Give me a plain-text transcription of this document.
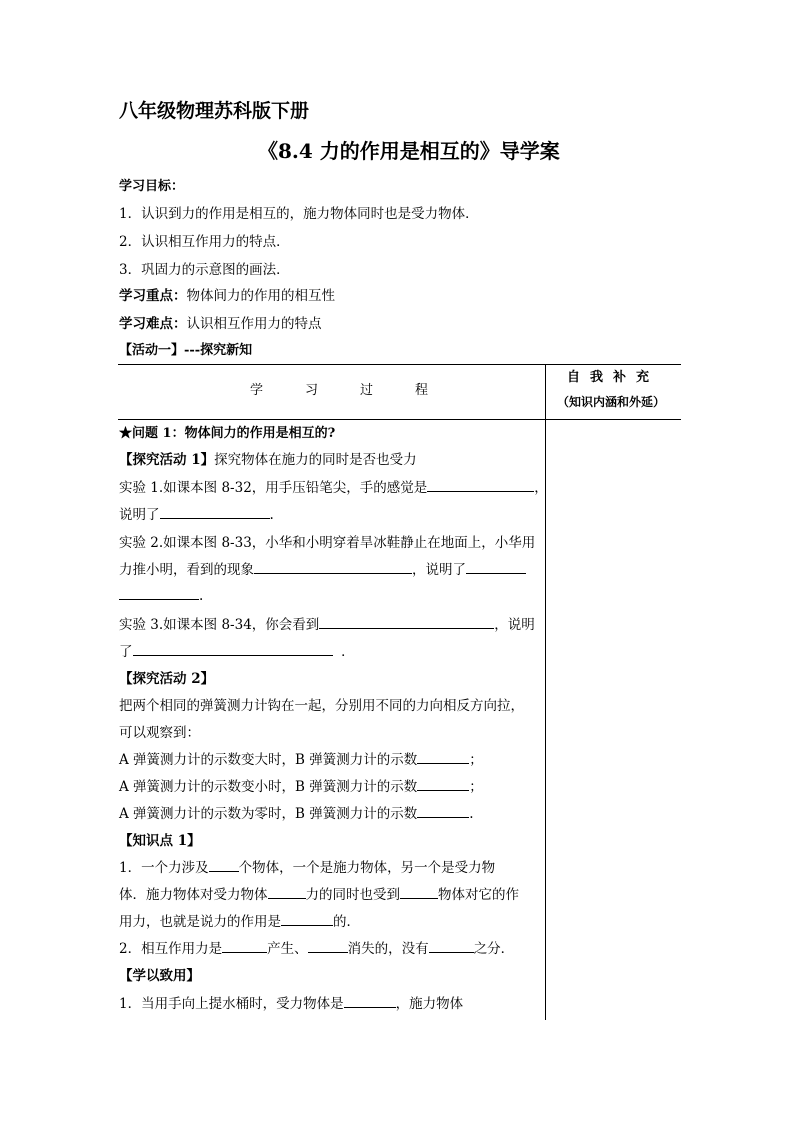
八年级物理苏科版下册
《8.4 力的作用是相互的》导学案
学习目标：
1．认识到力的作用是相互的，施力物体同时也是受力物体．
2．认识相互作用力的特点．
3．巩固力的示意图的画法．
学习重点：物体间力的作用的相互性
学习难点：认识相互作用力的特点
【活动一】---探究新知
学	习	过	程
自我补充
（知识内涵和外延）
★问题 1：物体间力的作用是相互的?
【探究活动 1】探究物体在施力的同时是否也受力
实验 1.如课本图 8-32，用手压铅笔尖，手的感觉是	，
说明了	.
实验 2.如课本图 8-33，小华和小明穿着旱冰鞋静止在地面上，小华用
力推小明，看到的现象	，说明了
.
实验 3.如课本图 8-34，你会看到	，说明
了	．
【探究活动 2】
把两个相同的弹簧测力计钩在一起，分别用不同的力向相反方向拉，
可以观察到：
A 弹簧测力计的示数变大时，B 弹簧测力计的示数	；
A 弹簧测力计的示数变小时，B 弹簧测力计的示数	；
A 弹簧测力计的示数为零时，B 弹簧测力计的示数	.
【知识点 1】
1．一个力涉及 个物体，一个是施力物体，另一个是受力物
体．施力物体对受力物体	力的同时也受到	物体对它的作
用力，也就是说力的作用是	的．
2．相互作用力是	产生、	消失的，没有	之分．
【学以致用】
1．当用手向上提水桶时，受力物体是	，施力物体
